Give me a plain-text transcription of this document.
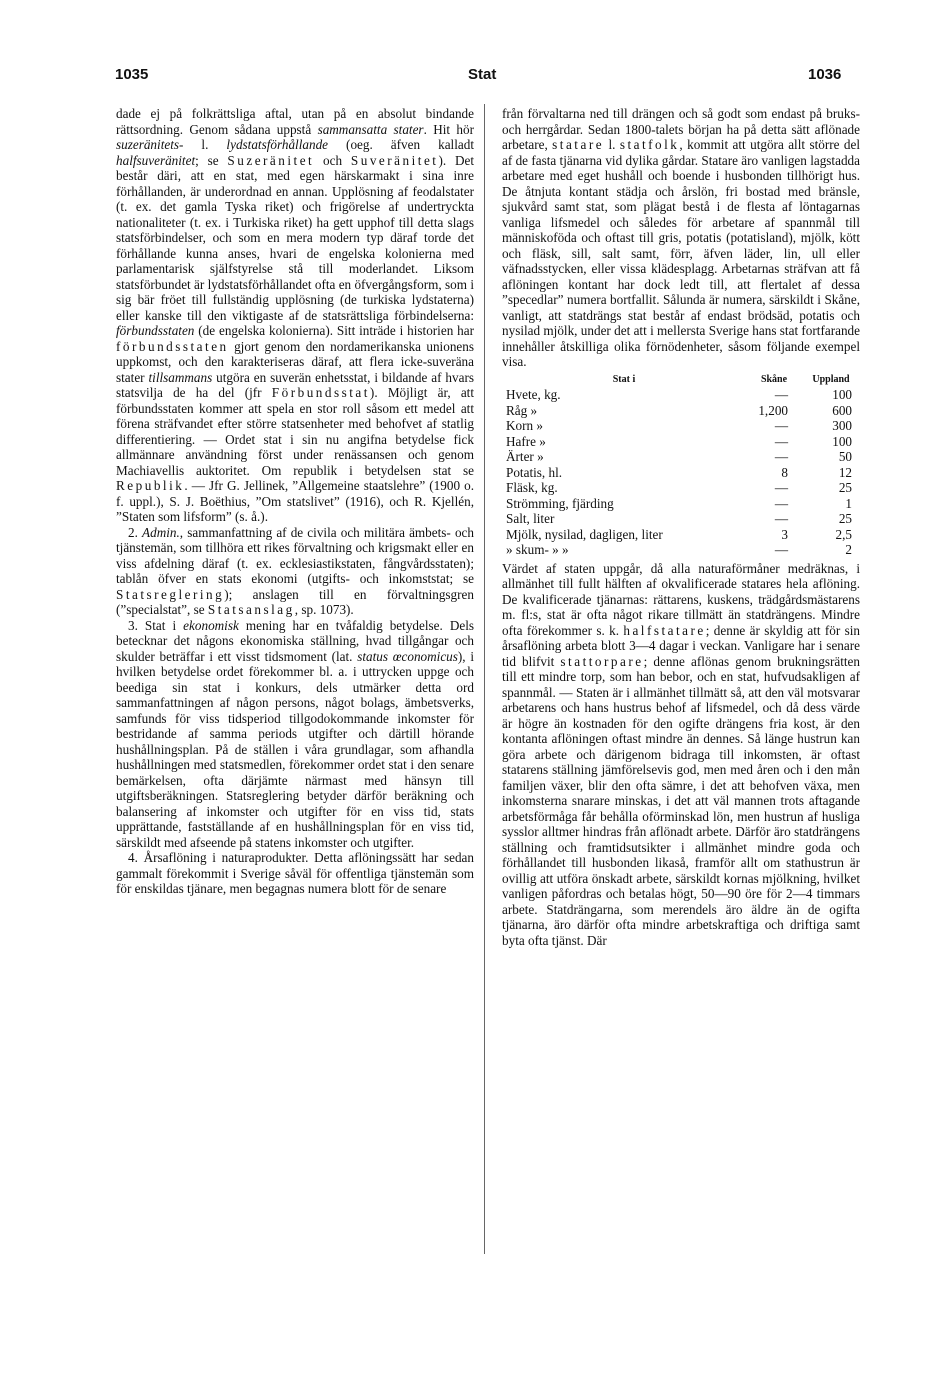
1035	Stat	1036

dade ej på folkrättsliga aftal, utan på en absolut bindande rättsordning. Genom sådana uppstå sammansatta stater. Hit hör suzeränitets- l. lydstatsförhållande (oeg. äfven kalladt halfsuveränitet; se Suzeränitet och Suveränitet). Det består däri, att en stat, med egen härskarmakt i sina inre förhållanden, är underordnad en annan. Upplösning af feodalstater (t. ex. det gamla Tyska riket) och frigörelse af undertryckta nationaliteter (t. ex. i Turkiska riket) ha gett upphof till detta slags statsförbindelser, och som en mera modern typ däraf torde det förhållande kunna anses, hvari de engelska kolonierna med parlamentarisk själfstyrelse stå till moderlandet. Liksom statsförbundet är lydstatsförhållandet ofta en öfvergångsform, som i sig bär fröet till fullständig upplösning (de turkiska lydstaterna) eller kanske till den viktigaste af de statsrättsliga förbindelserna: förbundsstaten (de engelska kolonierna). Sitt inträde i historien har förbundsstaten gjort genom den nordamerikanska unionens uppkomst, och den karakteriseras däraf, att flera icke-suveräna stater tillsammans utgöra en suverän enhetsstat, i bildande af hvars statsvilja de ha del (jfr Förbundsstat). Möjligt är, att förbundsstaten kommer att spela en stor roll såsom ett medel att förena sträfvandet efter större statsenheter med behofvet af statlig differentiering. — Ordet stat i sin nu angifna betydelse fick allmännare användning först under renässansen och genom Machiavellis auktoritet. Om republik i betydelsen stat se Republik. — Jfr G. Jellinek, ”Allgemeine staatslehre” (1900 o. f. uppl.), S. J. Boëthius, ”Om statslivet” (1916), och R. Kjellén, ”Staten som lifsform” (s. å.).

2. Admin., sammanfattning af de civila och militära ämbets- och tjänstemän, som tillhöra ett rikes förvaltning och krigsmakt eller en viss afdelning däraf (t. ex. ecklesiastikstaten, fångvårdsstaten); tablån öfver en stats ekonomi (utgifts- och inkomststat; se Statsreglering); anslagen till en förvaltningsgren (”specialstat”, se Statsanslag, sp. 1073).

3. Stat i ekonomisk mening har en tvåfaldig betydelse. Dels betecknar det någons ekonomiska ställning, hvad tillgångar och skulder beträffar i ett visst tidsmoment (lat. status œconomicus), i hvilken betydelse ordet förekommer bl. a. i uttrycken uppge och beediga sin stat i konkurs, dels utmärker detta ord sammanfattningen af någon persons, något bolags, ämbetsverks, samfunds för viss tidsperiod tillgodokommande inkomster för bestridande af samma periods utgifter och därtill hörande hushållningsplan. På de ställen i våra grundlagar, som afhandla hushållningen med statsmedlen, förekommer ordet stat i den senare bemärkelsen, ofta därjämte närmast med hänsyn till utgiftsberäkningen. Statsreglering betyder därför beräkning och balansering af inkomster och utgifter för en viss tid, stats upprättande, fastställande af en hushållningsplan för en viss tid, särskildt med afseende på statens inkomster och utgifter.

4. Årsaflöning i naturaprodukter. Detta aflöningssätt har sedan gammalt förekommit i Sverige såväl för offentliga tjänstemän som för enskildas tjänare, men begagnas numera blott för de senare

från förvaltarna ned till drängen och så godt som endast på bruks- och herrgårdar. Sedan 1800-talets början ha på detta sätt aflönade arbetare, statare l. statfolk, kommit att utgöra allt större del af de fasta tjänarna vid dylika gårdar. Statare äro vanligen lagstadda arbetare med eget hushåll och boende i husbonden tillhörigt hus. De åtnjuta kontant städja och årslön, fri bostad med bränsle, sjukvård samt stat, som plägat bestå i de flesta af löntagarnas vanliga lifsmedel och således för arbetare af spannmål till människoföda och oftast till gris, potatis (potatisland), mjölk, kött och fläsk, sill, salt samt, förr, äfven läder, lin, ull eller väfnadsstycken, eller vissa klädesplagg. Arbetarnas sträfvan att få aflöningen kontant har dock ledt till, att flertalet af dessa ”specedlar” numera bortfallit. Sålunda är numera, särskildt i Skåne, vanligt, att statdrängs stat består af endast brödsäd, potatis och nysilad mjölk, under det att i mellersta Sverige hans stat fortfarande innehåller åtskilliga olika förnödenheter, såsom följande exempel visa.

Stat i	Skåne	Uppland
Hvete, kg.	—	100
Råg »	1,200	600
Korn »	—	300
Hafre »	—	100
Ärter »	—	50
Potatis, hl.	8	12
Fläsk, kg.	—	25
Strömming, fjärding	—	1
Salt, liter	—	25
Mjölk, nysilad, dagligen, liter	3	2,5
» skum- » »	—	2

Värdet af staten uppgår, då alla naturaförmåner medräknas, i allmänhet till fullt hälften af okvalificerade statares hela aflöning. De kvalificerade tjänarnas: rättarens, kuskens, trädgårdsmästarens m. fl:s, stat är ofta något rikare tillmätt än statdrängens. Mindre ofta förekommer s. k. halfstatare; denne är skyldig att för sin årsaflöning arbeta blott 3—4 dagar i veckan. Vanligare har i senare tid blifvit stattorpare; denne aflönas genom brukningsrätten till ett mindre torp, som han bebor, och en stat, hufvudsakligen af spannmål. — Staten är i allmänhet tillmätt så, att den väl motsvarar arbetarens och hans hustrus behof af lifsmedel, och då dess värde är högre än kostnaden för den ogifte drängens fria kost, är den kontanta aflöningen oftast mindre än dennes. Så länge hustrun kan göra arbete och därigenom bidraga till inkomsten, är oftast statarens ställning jämförelsevis god, men med åren och i den mån familjen växer, blir den ofta sämre, i det att behofven växa, men inkomsterna snarare minskas, i det att väl mannen trots aftagande arbetsförmåga får behålla oförminskad lön, men hustrun af husliga sysslor alltmer hindras från aflönadt arbete. Därför äro statdrängens ställning och framtidsutsikter i allmänhet mindre goda och förhållandet till husbonden likaså, framför allt om stathustrun är ovillig att utföra önskadt arbete, särskildt kornas mjölkning, hvilket vanligen påfordras och betalas högt, 50—90 öre för 2—4 timmars arbete. Statdrängarna, som merendels äro äldre än de ogifta tjänarna, äro därför ofta mindre arbetskraftiga och driftiga samt byta ofta tjänst. Där
